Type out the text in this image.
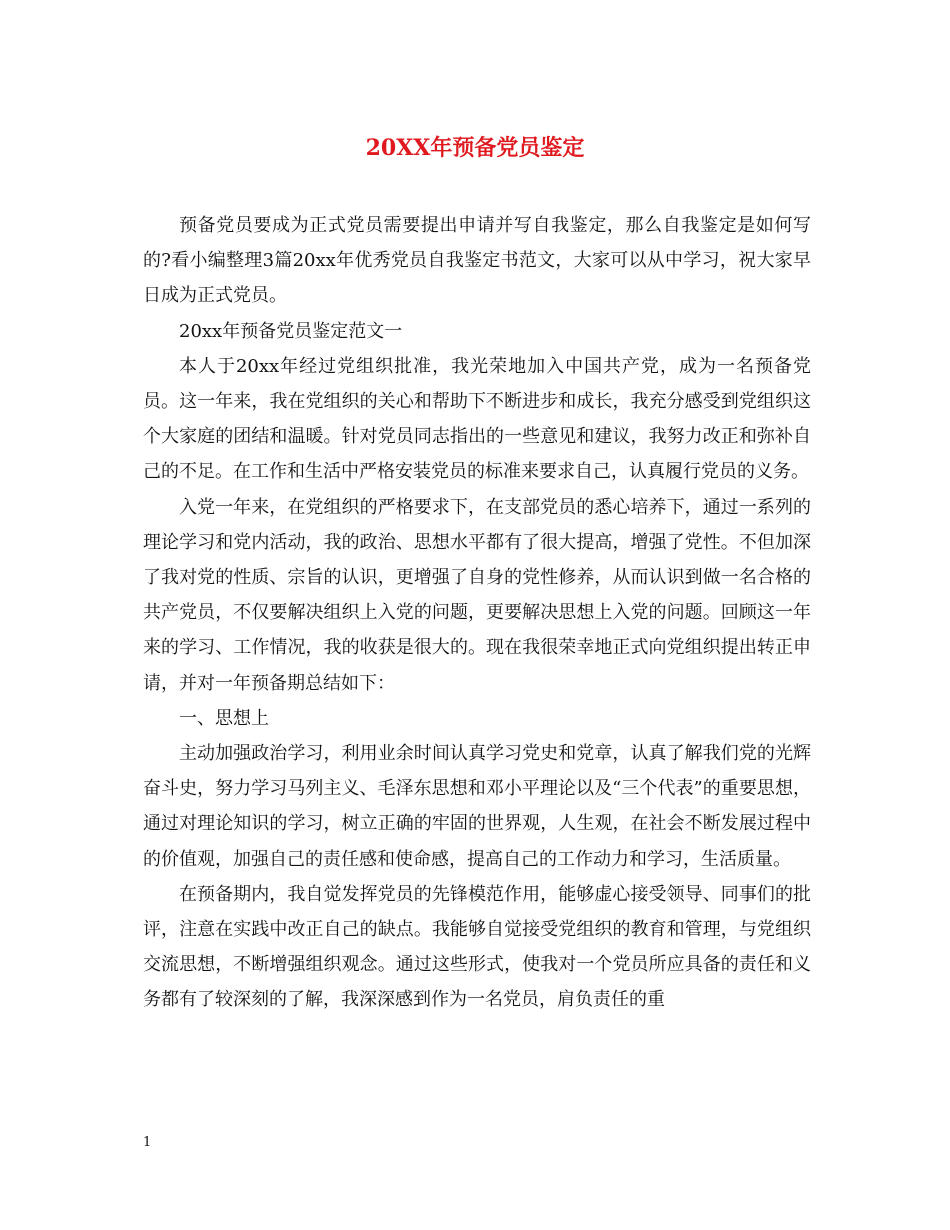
20XX年预备党员鉴定

预备党员要成为正式党员需要提出申请并写自我鉴定，那么自我鉴定是如何写的?看小编整理3篇20xx年优秀党员自我鉴定书范文，大家可以从中学习，祝大家早日成为正式党员。

20xx年预备党员鉴定范文一

本人于20xx年经过党组织批准，我光荣地加入中国共产党，成为一名预备党员。这一年来，我在党组织的关心和帮助下不断进步和成长，我充分感受到党组织这个大家庭的团结和温暖。针对党员同志指出的一些意见和建议，我努力改正和弥补自己的不足。在工作和生活中严格安装党员的标准来要求自己，认真履行党员的义务。

入党一年来，在党组织的严格要求下，在支部党员的悉心培养下，通过一系列的理论学习和党内活动，我的政治、思想水平都有了很大提高，增强了党性。不但加深了我对党的性质、宗旨的认识，更增强了自身的党性修养，从而认识到做一名合格的共产党员，不仅要解决组织上入党的问题，更要解决思想上入党的问题。回顾这一年来的学习、工作情况，我的收获是很大的。现在我很荣幸地正式向党组织提出转正申请，并对一年预备期总结如下：

一、思想上

主动加强政治学习，利用业余时间认真学习党史和党章，认真了解我们党的光辉奋斗史，努力学习马列主义、毛泽东思想和邓小平理论以及“三个代表”的重要思想，通过对理论知识的学习，树立正确的牢固的世界观，人生观，在社会不断发展过程中的价值观，加强自己的责任感和使命感，提高自己的工作动力和学习，生活质量。

在预备期内，我自觉发挥党员的先锋模范作用，能够虚心接受领导、同事们的批评，注意在实践中改正自己的缺点。我能够自觉接受党组织的教育和管理，与党组织交流思想，不断增强组织观念。通过这些形式，使我对一个党员所应具备的责任和义务都有了较深刻的了解，我深深感到作为一名党员，肩负责任的重

1
